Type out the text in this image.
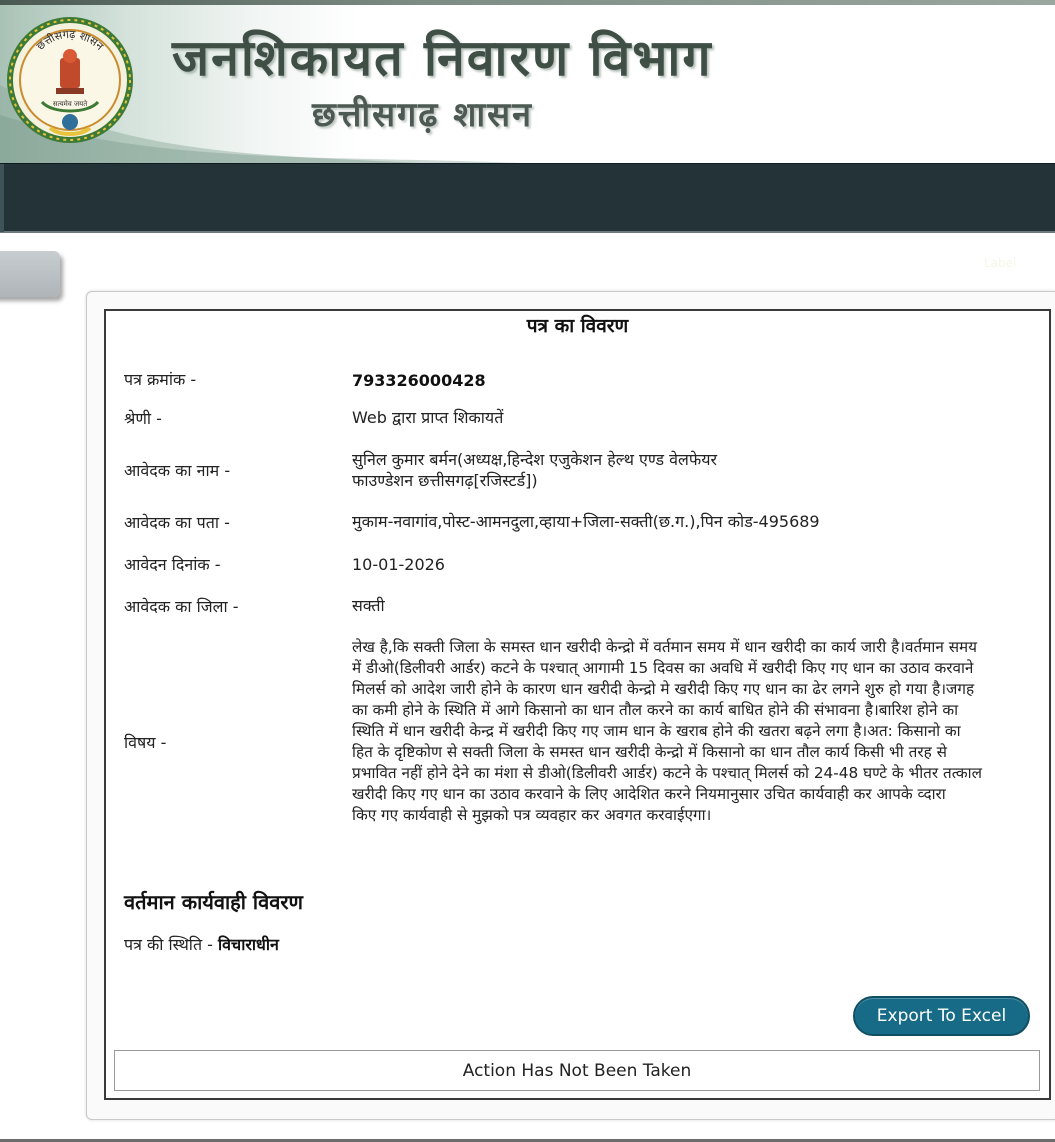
छत्तीसगढ़ शासन
सत्यमेव जयते
जनशिकायत निवारण विभाग
छत्तीसगढ़ शासन
Label
पत्र का विवरण
पत्र क्रमांक -	793326000428
श्रेणी -	Web द्वारा प्राप्त शिकायतें
आवेदक का नाम -
सुनिल कुमार बर्मन(अध्यक्ष,हिन्देश एजुकेशन हेल्थ एण्ड वेलफेयर
फाउण्डेशन छत्तीसगढ़[रजिस्टर्ड])
आवेदक का पता -	मुकाम-नवागांव,पोस्ट-आमनदुला,व्हाया+जिला-सक्ती(छ.ग.),पिन कोड-495689
आवेदन दिनांक -	10-01-2026
आवेदक का जिला -	सक्ती
विषय -
लेख है,कि सक्ती जिला के समस्त धान खरीदी केन्द्रो में वर्तमान समय में धान खरीदी का कार्य जारी है।वर्तमान समय
में डीओ(डिलीवरी आर्डर) कटने के पश्चात् आगामी 15 दिवस का अवधि में खरीदी किए गए धान का उठाव करवाने
मिलर्स को आदेश जारी होने के कारण धान खरीदी केन्द्रो मे खरीदी किए गए धान का ढेर लगने शुरु हो गया है।जगह
का कमी होने के स्थिति में आगे किसानो का धान तौल करने का कार्य बाधित होने की संभावना है।बारिश होने का
स्थिति में धान खरीदी केन्द्र में खरीदी किए गए जाम धान के खराब होने की खतरा बढ़ने लगा है।अत: किसानो का
हित के दृष्टिकोण से सक्ती जिला के समस्त धान खरीदी केन्द्रो में किसानो का धान तौल कार्य किसी भी तरह से
प्रभावित नहीं होने देने का मंशा से डीओ(डिलीवरी आर्डर) कटने के पश्चात् मिलर्स को 24-48 घण्टे के भीतर तत्काल
खरीदी किए गए धान का उठाव करवाने के लिए आदेशित करने नियमानुसार उचित कार्यवाही कर आपके व्दारा
किए गए कार्यवाही से मुझको पत्र व्यवहार कर अवगत करवाईएगा।
वर्तमान कार्यवाही विवरण
पत्र की स्थिति - विचाराधीन
Export To Excel
Action Has Not Been Taken
